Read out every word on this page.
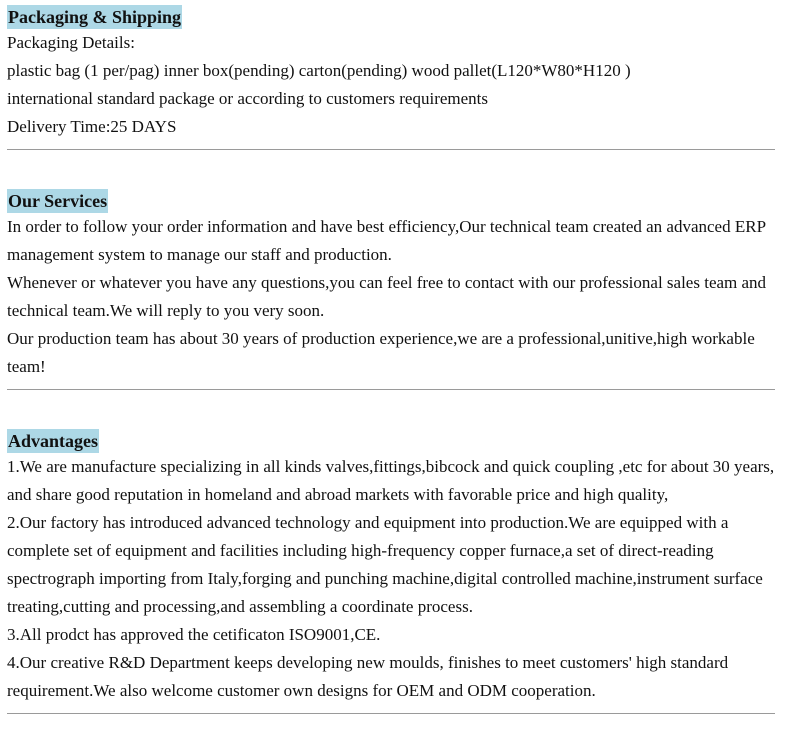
Packaging & Shipping
Packaging Details:
plastic bag (1 per/pag) inner box(pending) carton(pending) wood pallet(L120*W80*H120 )
international standard package or according to customers requirements
Delivery Time:25 DAYS
Our Services

In order to follow your order information and have best efficiency,Our technical team created an advanced ERP management system to manage our staff and production.

Whenever or whatever you have any questions,you can feel free to contact with our professional sales team and technical team.We will reply to you very soon.

Our production team has about 30 years of production experience,we are a professional,unitive,high workable team!

Advantages

1.We are manufacture specializing in all kinds valves,fittings,bibcock and quick coupling ,etc for about 30 years, and share good reputation in homeland and abroad markets with favorable price and high quality,

2.Our factory has introduced advanced technology and equipment into production.We are equipped with a complete set of equipment and facilities including high-frequency copper furnace,a set of direct-reading spectrograph importing from Italy,forging and punching machine,digital controlled machine,instrument surface treating,cutting and processing,and assembling a coordinate process.

3.All prodct has approved the cetificaton ISO9001,CE.

4.Our creative R&D Department keeps developing new moulds, finishes to meet customers' high standard requirement.We also welcome customer own designs for OEM and ODM cooperation.
